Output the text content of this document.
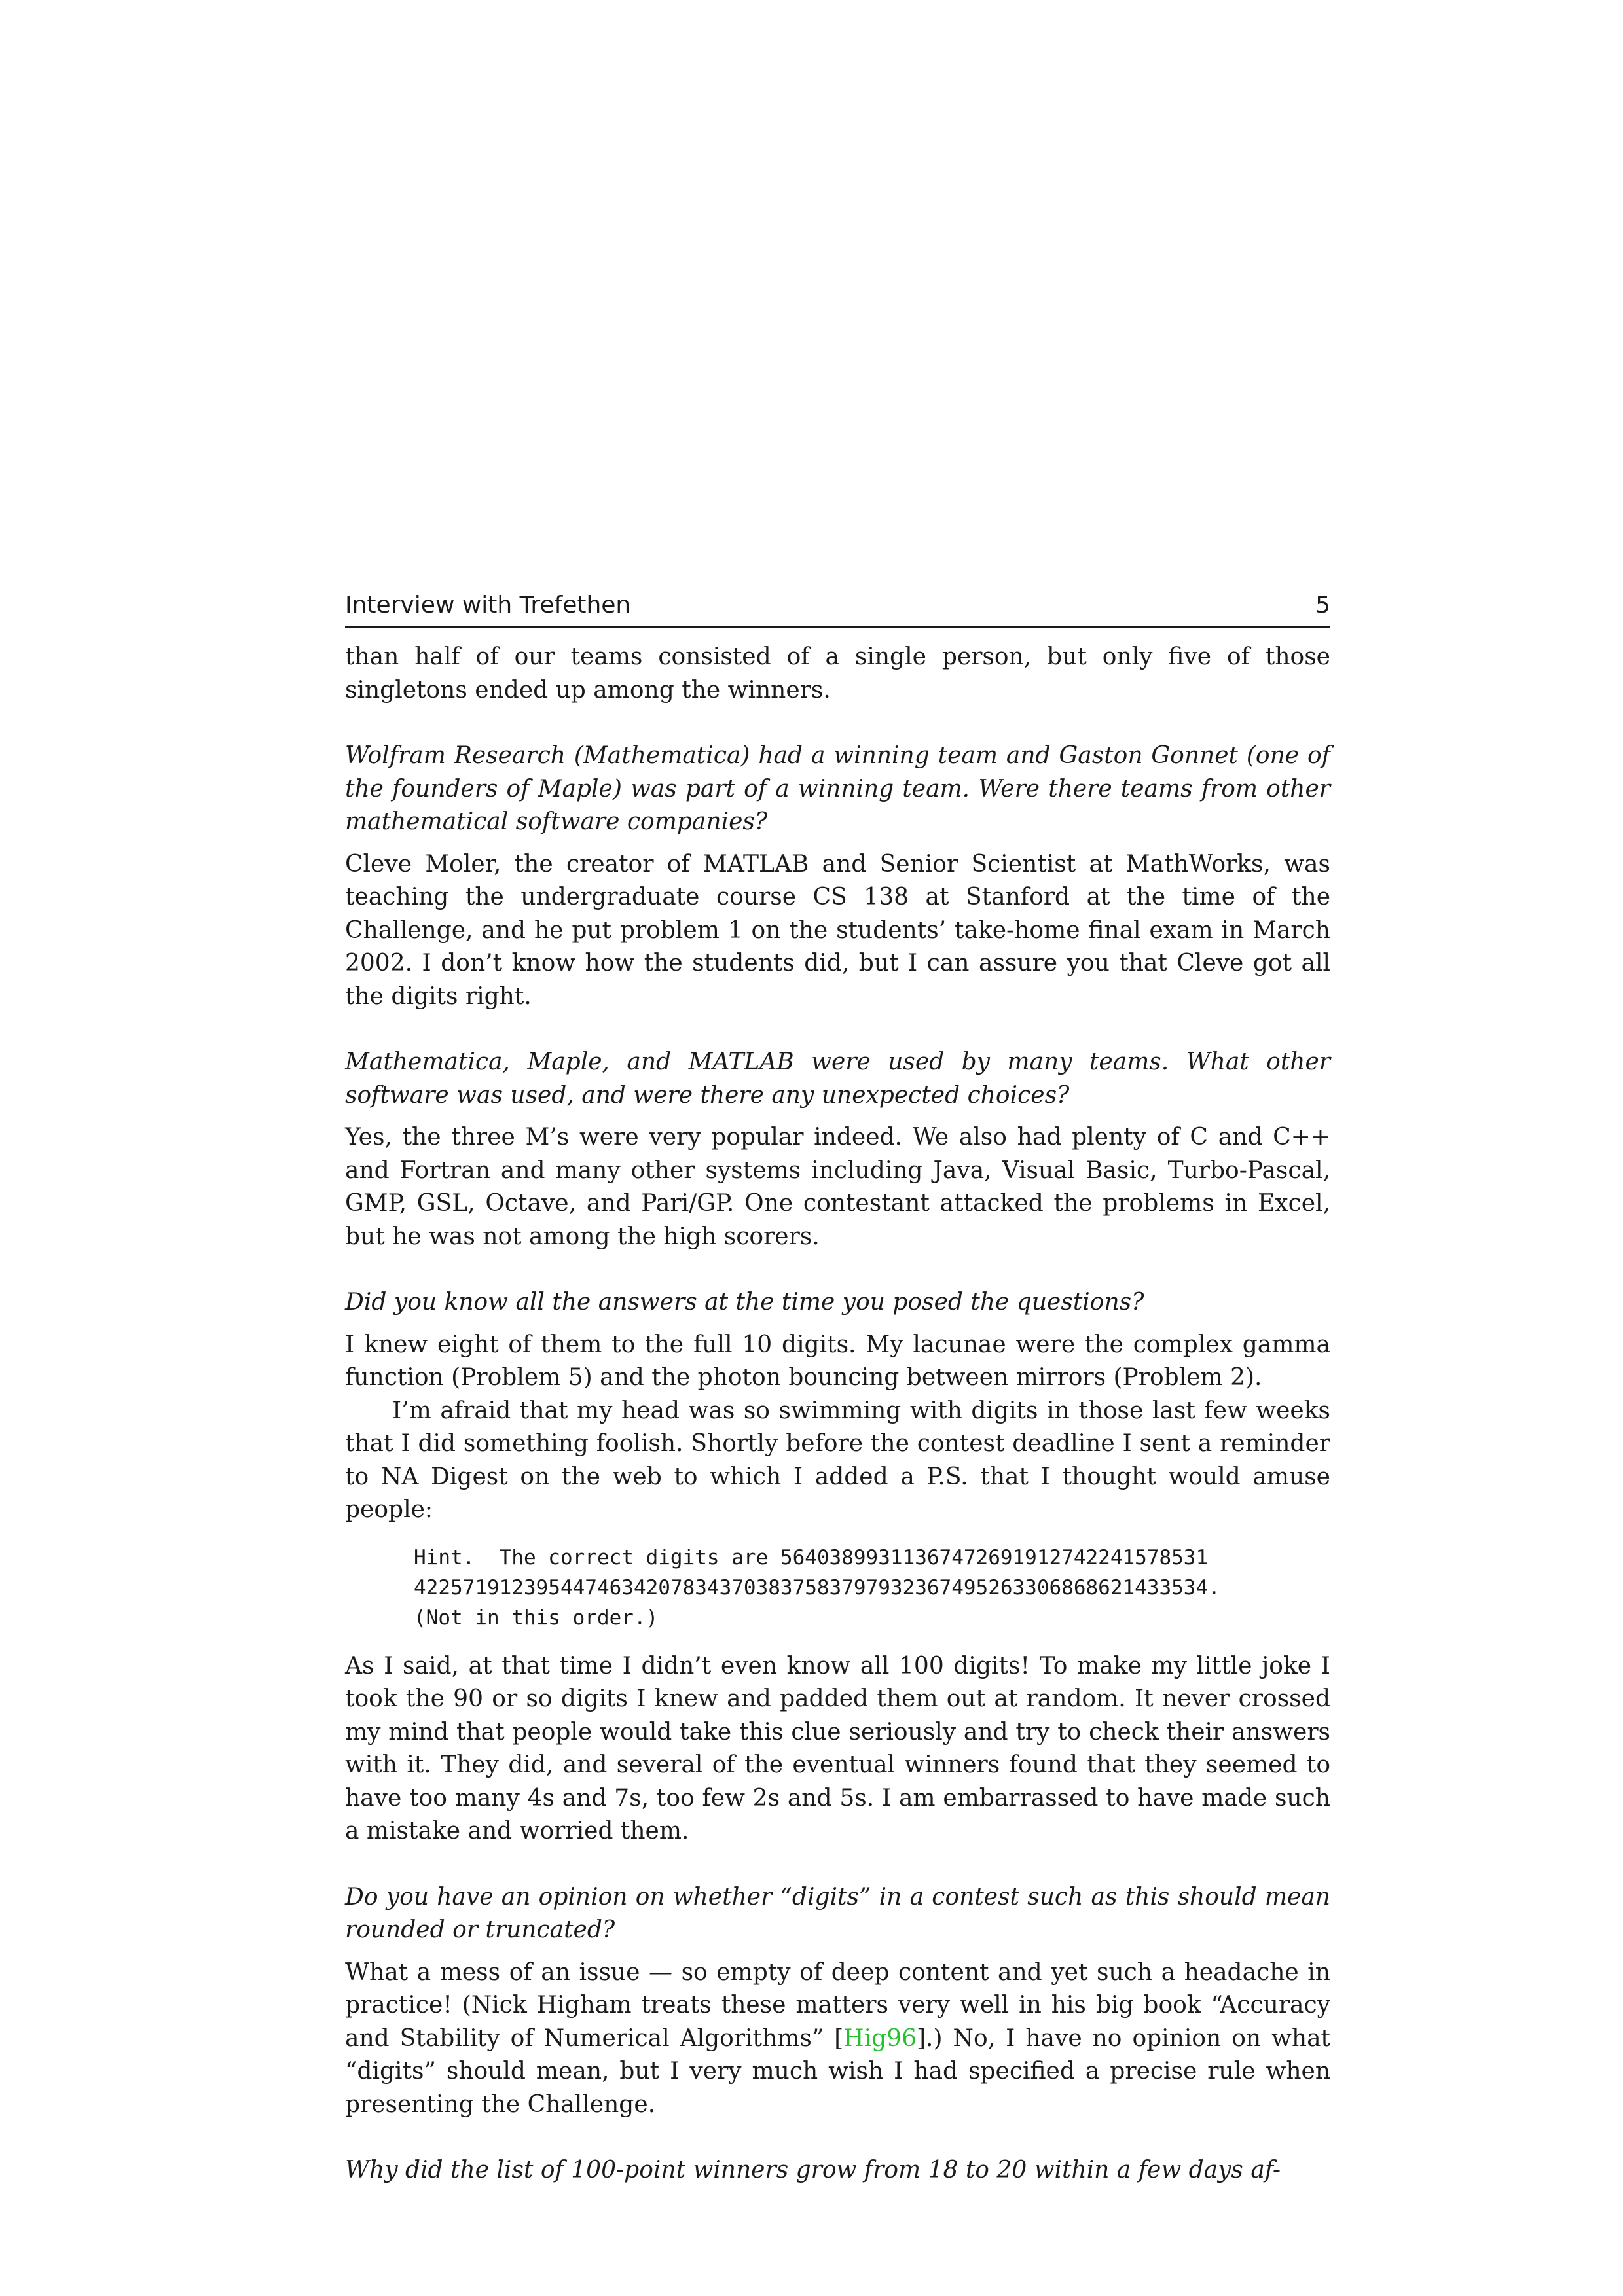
Interview with Trefethen	5

than half of our teams consisted of a single person, but only five of those singletons ended up among the winners.

Wolfram Research (Mathematica) had a winning team and Gaston Gonnet (one of the founders of Maple) was part of a winning team. Were there teams from other mathematical software companies?

Cleve Moler, the creator of MATLAB and Senior Scientist at MathWorks, was teaching the undergraduate course CS 138 at Stanford at the time of the Challenge, and he put problem 1 on the students’ take-home final exam in March 2002. I don’t know how the students did, but I can assure you that Cleve got all the digits right.

Mathematica, Maple, and MATLAB were used by many teams. What other software was used, and were there any unexpected choices?

Yes, the three M’s were very popular indeed. We also had plenty of C and C++ and Fortran and many other systems including Java, Visual Basic, Turbo-Pascal, GMP, GSL, Octave, and Pari/GP. One contestant attacked the problems in Excel, but he was not among the high scorers.

Did you know all the answers at the time you posed the questions?

I knew eight of them to the full 10 digits. My lacunae were the complex gamma function (Problem 5) and the photon bouncing between mirrors (Problem 2).

I’m afraid that my head was so swimming with digits in those last few weeks that I did something foolish. Shortly before the contest deadline I sent a reminder to NA Digest on the web to which I added a P.S. that I thought would amuse people:

Hint.  The correct digits are 5640389931136747269191274224157853​1
4225719123954474634207834370383758379793236749526330686862143353​4.
(Not in this order.)

As I said, at that time I didn’t even know all 100 digits! To make my little joke I took the 90 or so digits I knew and padded them out at random. It never crossed my mind that people would take this clue seriously and try to check their answers with it. They did, and several of the eventual winners found that they seemed to have too many 4s and 7s, too few 2s and 5s. I am embarrassed to have made such a mistake and worried them.

Do you have an opinion on whether “digits” in a contest such as this should mean rounded or truncated?

What a mess of an issue — so empty of deep content and yet such a headache in practice! (Nick Higham treats these matters very well in his big book “Accuracy and Stability of Numerical Algorithms” [Hig96].) No, I have no opinion on what “digits” should mean, but I very much wish I had specified a precise rule when presenting the Challenge.

Why did the list of 100-point winners grow from 18 to 20 within a few days af-
